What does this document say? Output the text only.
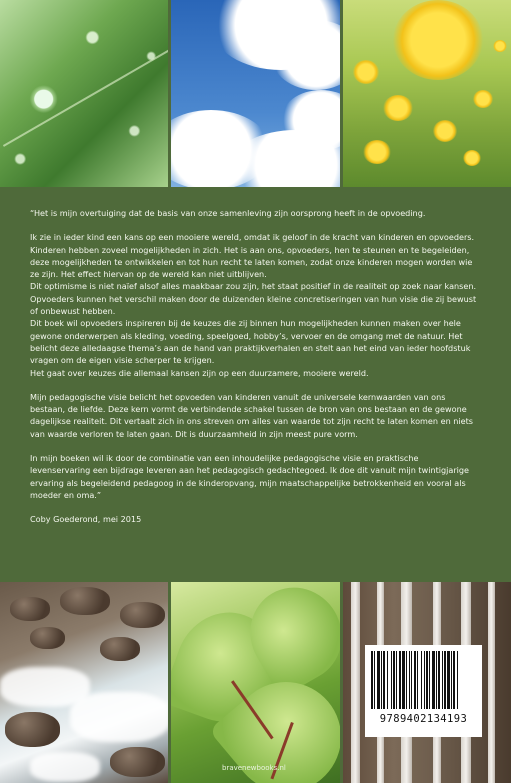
“Het is mijn overtuiging dat de basis van onze samenleving zijn oorsprong heeft in de opvoeding.

Ik zie in ieder kind een kans op een mooiere wereld, omdat ik geloof in de kracht van kinderen en opvoeders. Kinderen hebben zoveel mogelijkheden in zich. Het is aan ons, opvoeders, hen te steunen en te begeleiden, deze mogelijkheden te ontwikkelen en tot hun recht te laten komen, zodat onze kinderen mogen worden wie ze zijn. Het effect hiervan op de wereld kan niet uitblijven.

Dit optimisme is niet naïef alsof alles maakbaar zou zijn, het staat positief in de realiteit op zoek naar kansen. Opvoeders kunnen het verschil maken door de duizenden kleine concretiseringen van hun visie die zij bewust of onbewust hebben.

Dit boek wil opvoeders inspireren bij de keuzes die zij binnen hun mogelijkheden kunnen maken over hele gewone onderwerpen als kleding, voeding, speelgoed, hobby’s, vervoer en de omgang met de natuur. Het belicht deze alledaagse thema’s aan de hand van praktijkverhalen en stelt aan het eind van ieder hoofdstuk vragen om de eigen visie scherper te krijgen.

Het gaat over keuzes die allemaal kansen zijn op een duurzamere, mooiere wereld.

Mijn pedagogische visie belicht het opvoeden van kinderen vanuit de universele kernwaarden van ons bestaan, de liefde. Deze kern vormt de verbindende schakel tussen de bron van ons bestaan en de gewone dagelijkse realiteit. Dit vertaalt zich in ons streven om alles van waarde tot zijn recht te laten komen en niets van waarde verloren te laten gaan. Dit is duurzaamheid in zijn meest pure vorm.

In mijn boeken wil ik door de combinatie van een inhoudelijke pedagogische visie en praktische levenservaring een bijdrage leveren aan het pedagogisch gedachtegoed. Ik doe dit vanuit mijn twintigjarige ervaring als begeleidend pedagoog in de kinderopvang, mijn maatschappelijke betrokkenheid en vooral als moeder en oma.”

Coby Goederond, mei 2015

9789402134193
bravenewbooks.nl
